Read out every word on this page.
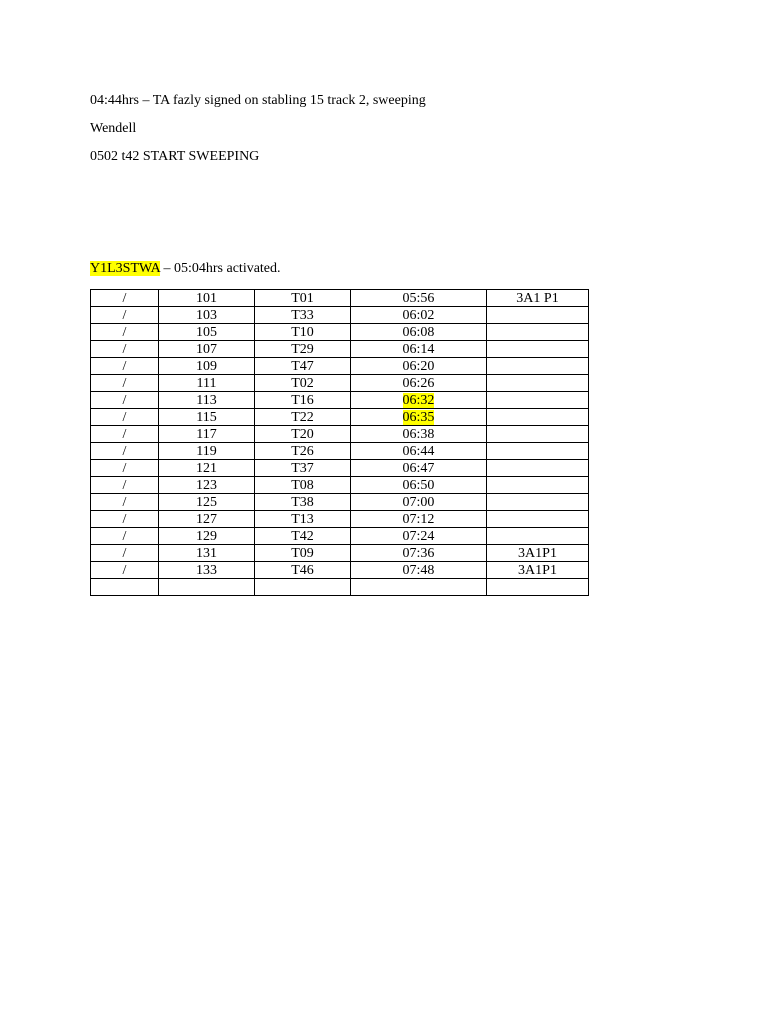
04:44hrs – TA fazly signed on stabling 15 track 2, sweeping
Wendell
0502 t42 START SWEEPING
Y1L3STWA – 05:04hrs activated.
/	101	T01	05:56	3A1 P1
/	103	T33	06:02	
/	105	T10	06:08	
/	107	T29	06:14	
/	109	T47	06:20	
/	111	T02	06:26	
/	113	T16	06:32	
/	115	T22	06:35	
/	117	T20	06:38	
/	119	T26	06:44	
/	121	T37	06:47	
/	123	T08	06:50	
/	125	T38	07:00	
/	127	T13	07:12	
/	129	T42	07:24	
/	131	T09	07:36	3A1P1
/	133	T46	07:48	3A1P1
